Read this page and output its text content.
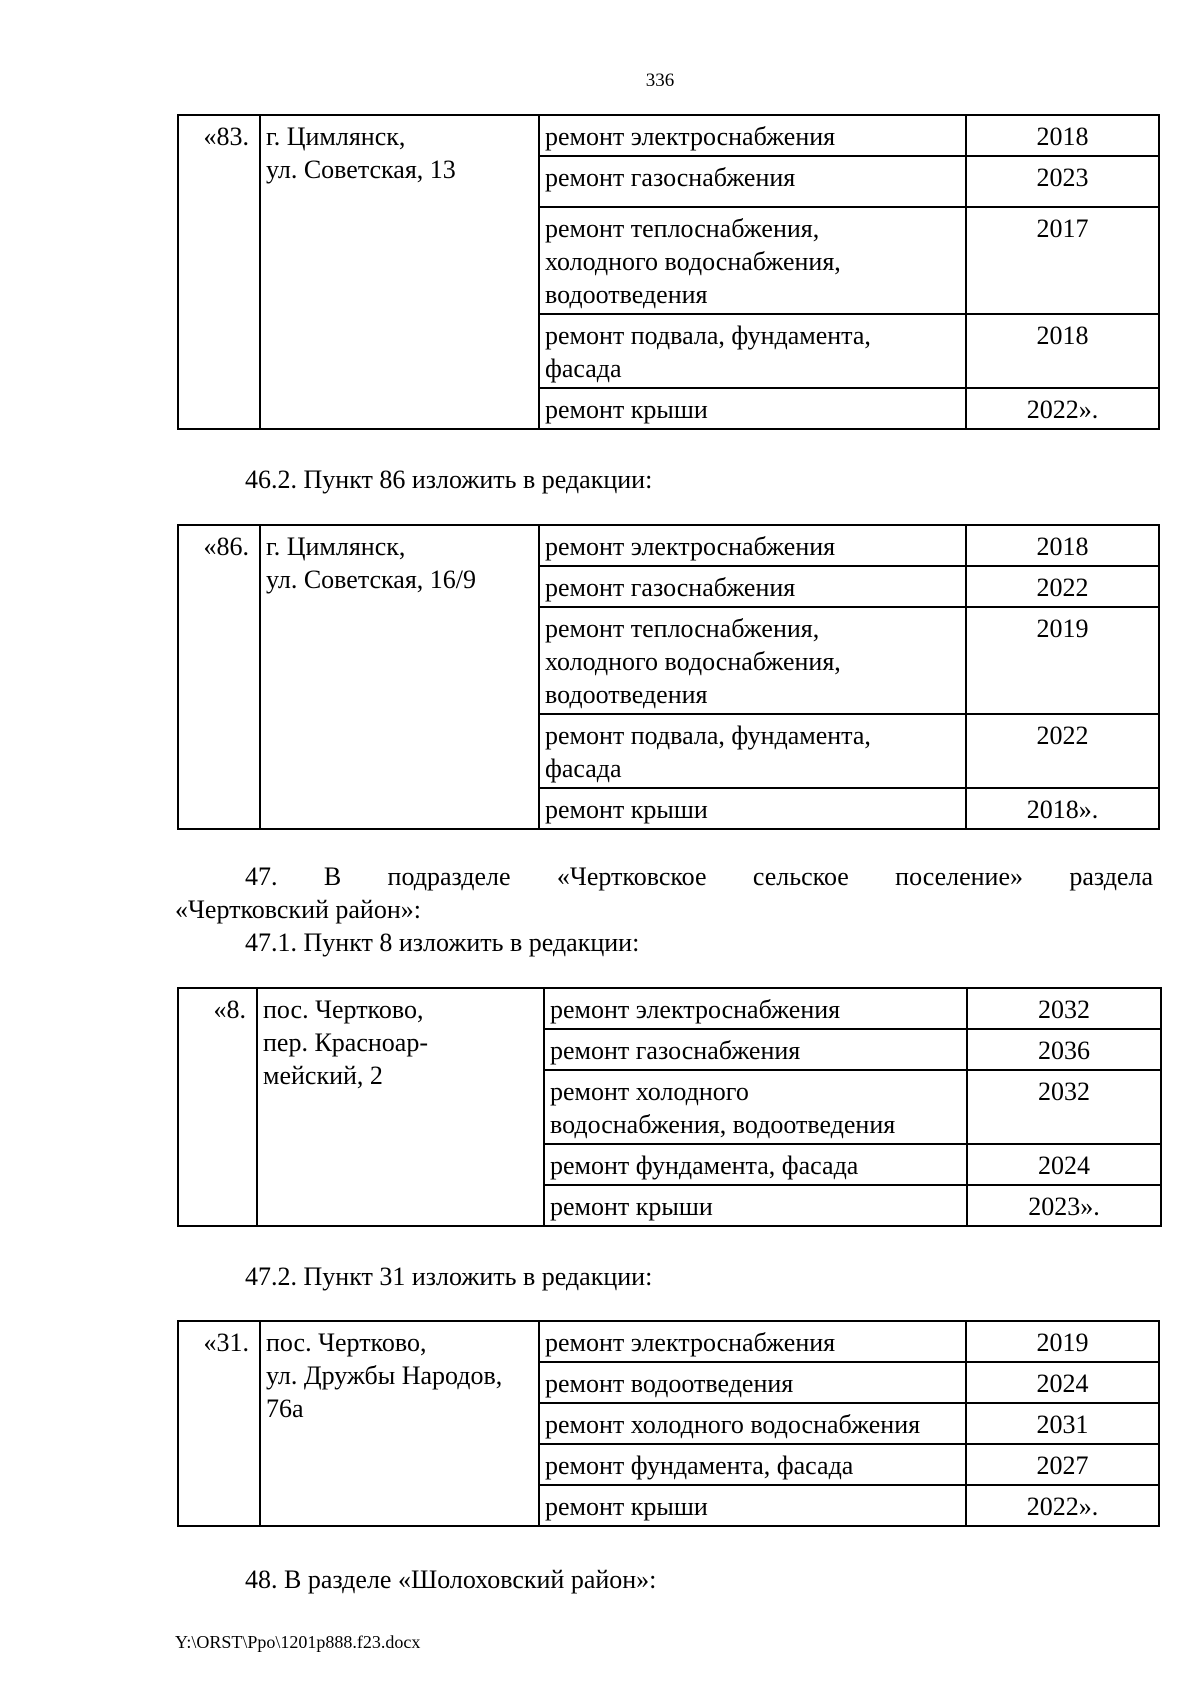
336
«83.	г. Цимлянск,
ул. Советская, 13	ремонт электроснабжения	2018
		ремонт газоснабжения	2023

		ремонт теплоснабжения,
холодного водоснабжения,
водоотведения	2017

		ремонт подвала, фундамента,
фасада	2018
		ремонт крыши	2022».
46.2. Пункт 86 изложить в редакции:
«86.	г. Цимлянск,
ул. Советская, 16/9	ремонт электроснабжения	2018
		ремонт газоснабжения	2022

		ремонт теплоснабжения,
холодного водоснабжения,
водоотведения	2019

		ремонт подвала, фундамента,
фасада	2022
		ремонт крыши	2018».
47. В подразделе «Чертковское сельское поселение» раздела
«Чертковский район»:
47.1. Пункт 8 изложить в редакции:
«8.	пос. Чертково,
пер. Красноар-
мейский, 2	ремонт электроснабжения	2032
		ремонт газоснабжения	2036

		ремонт холодного
водоснабжения, водоотведения	2032
		ремонт фундамента, фасада	2024
		ремонт крыши	2023».
47.2. Пункт 31 изложить в редакции:
«31.	пос. Чертково,
ул. Дружбы Народов,
76а	ремонт электроснабжения	2019
		ремонт водоотведения	2024
		ремонт холодного водоснабжения	2031
		ремонт фундамента, фасада	2027
		ремонт крыши	2022».
48. В разделе «Шолоховский район»:
Y:\ORST\Ppo\1201p888.f23.docx
